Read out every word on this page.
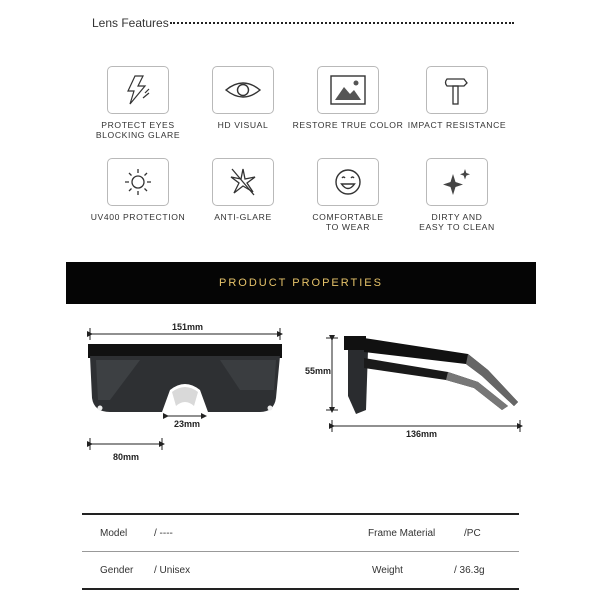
Lens Features
PROTECT EYES
BLOCKING GLARE
HD VISUAL	RESTORE TRUE COLOR IMPACT RESISTANCE
UV400 PROTECTION	ANTI-GLARE	COMFORTABLE
TO WEAR
DIRTY AND
EASY TO CLEAN
PRODUCT PROPERTIES
151mm
23mm
80mm
55mm
136mm
Model	/ ----	Frame Material	/PC
Gender / Unisex	Weight	/ 36.3g
